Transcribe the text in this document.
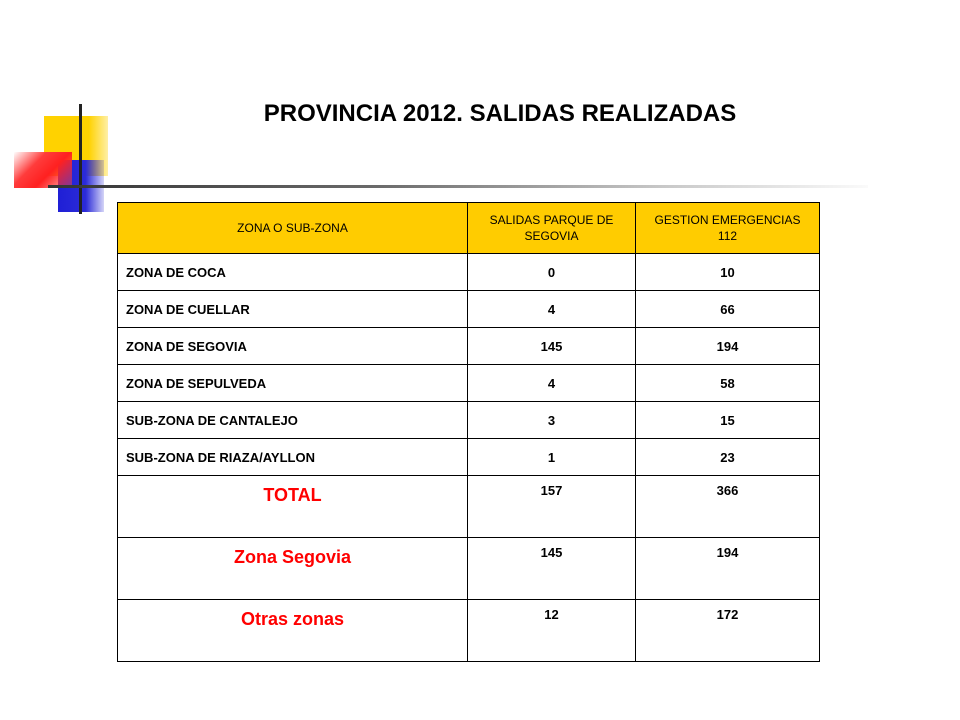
PROVINCIA 2012. SALIDAS REALIZADAS
ZONA O SUB-ZONA	SALIDAS PARQUE DE SEGOVIA	GESTION EMERGENCIAS 112
ZONA DE COCA	0	10
ZONA DE CUELLAR	4	66
ZONA DE SEGOVIA	145	194
ZONA DE SEPULVEDA	4	58
SUB-ZONA DE CANTALEJO	3	15
SUB-ZONA DE RIAZA/AYLLON	1	23
TOTAL	157	366
Zona Segovia	145	194
Otras zonas	12	172
